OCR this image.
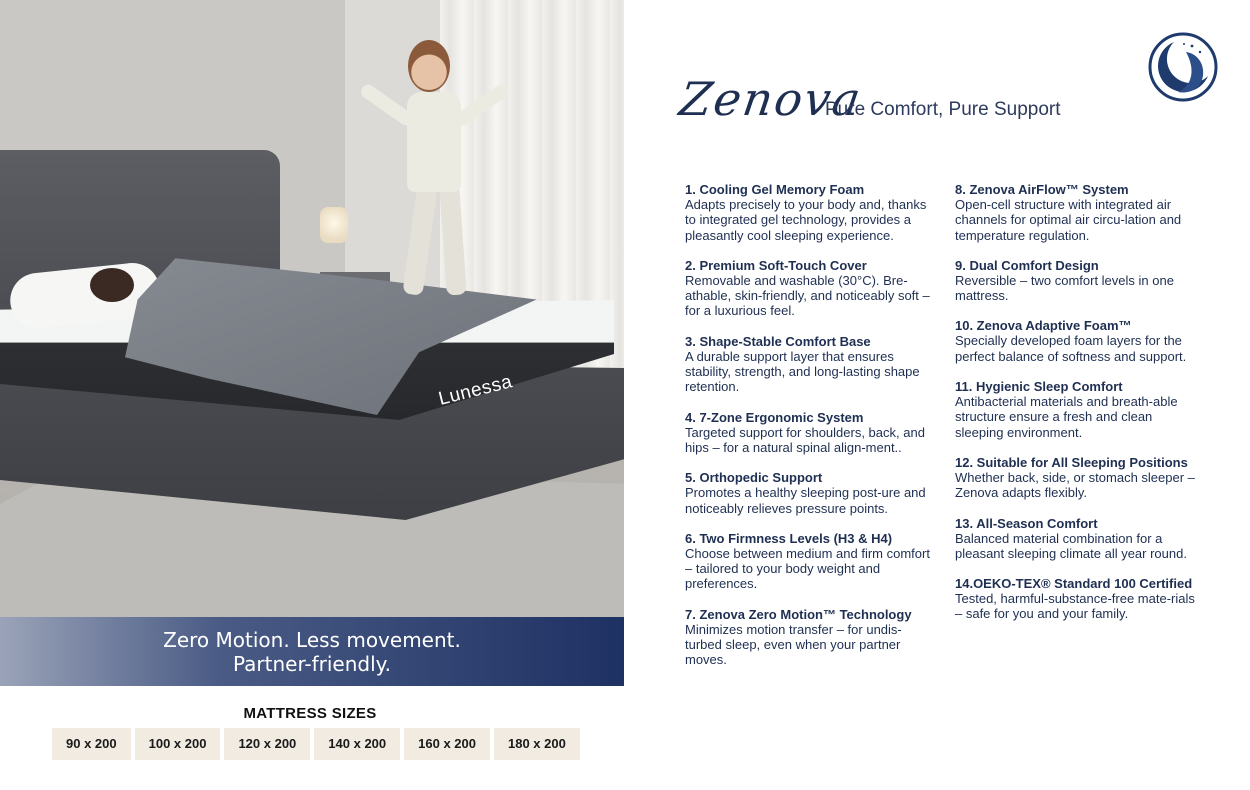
Lunessa
Zero Motion. Less movement.
Partner-friendly.
MATTRESS SIZES
90 x 200	100 x 200	120 x 200	140 x 200	160 x 200	180 x 200
Zenova
Pure Comfort, Pure Support
1. Cooling Gel Memory Foam

Adapts precisely to your body and, thanks to integrated gel technology, provides a pleasantly cool sleeping experience.

2. Premium Soft-Touch Cover

Removable and washable (30°C). Bre-athable, skin-friendly, and noticeably soft – for a luxurious feel.

3. Shape-Stable Comfort Base

A durable support layer that ensures stability, strength, and long-lasting shape retention.

4. 7-Zone Ergonomic System

Targeted support for shoulders, back, and hips – for a natural spinal align-ment..

5. Orthopedic Support

Promotes a healthy sleeping post-ure and noticeably relieves pressure points.

6. Two Firmness Levels (H3 & H4)

Choose between medium and firm comfort – tailored to your body weight and preferences.

7. Zenova Zero Motion™ Technology

Minimizes motion transfer – for undis-turbed sleep, even when your partner moves.

8. Zenova AirFlow™ System

Open-cell structure with integrated air channels for optimal air circu-lation and temperature regulation.

9. Dual Comfort Design

Reversible – two comfort levels in one mattress.

10. Zenova Adaptive Foam™

Specially developed foam layers for the perfect balance of softness and support.

11. Hygienic Sleep Comfort

Antibacterial materials and breath-able structure ensure a fresh and clean sleeping environment.

12. Suitable for All Sleeping Positions

Whether back, side, or stomach sleeper – Zenova adapts flexibly.

13. All-Season Comfort

Balanced material combination for a pleasant sleeping climate all year round.

14.OEKO-TEX® Standard 100 Certified

Tested, harmful-substance-free mate-rials – safe for you and your family.
